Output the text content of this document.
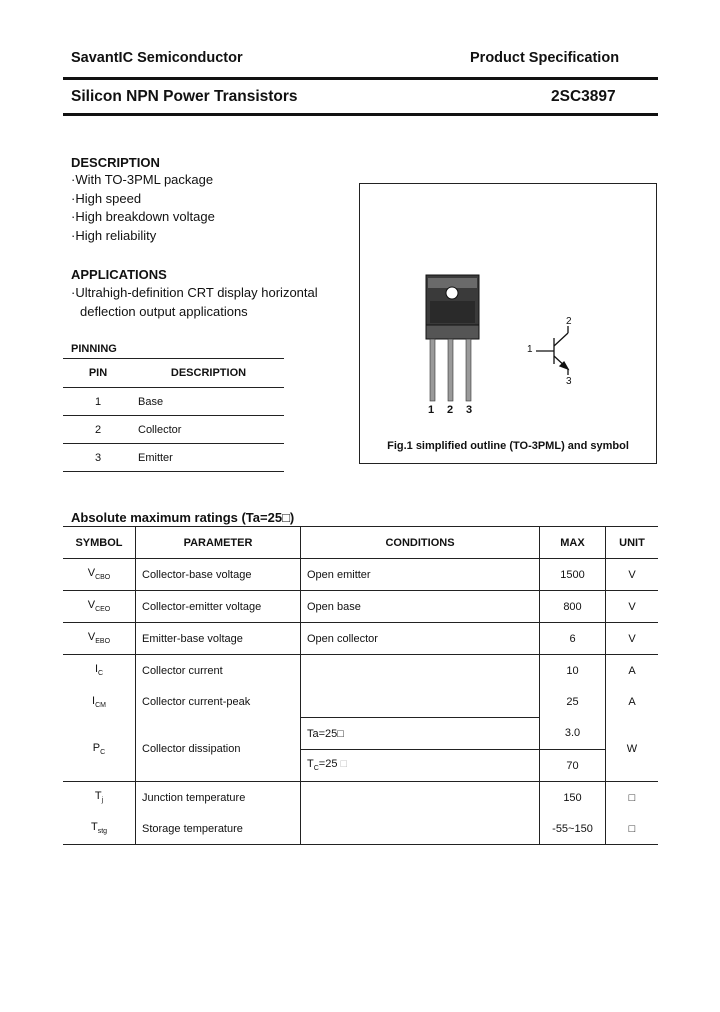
SavantIC Semiconductor	Product Specification
Silicon NPN Power Transistors	2SC3897
DESCRIPTION
·With TO-3PML package
·High speed
·High breakdown voltage
·High reliability
APPLICATIONS
·Ultrahigh-definition CRT display horizontal
deflection output applications
PINNING
PIN	DESCRIPTION
1	Base
2	Collector
3	Emitter
1 2 3
1
2
3
Fig.1 simplified outline (TO-3PML) and symbol
Absolute maximum ratings (Ta=25□)
SYMBOL	PARAMETER	CONDITIONS	MAX	UNIT
$V_{CBO}$	Collector-base voltage	Open emitter	1500	V
$V_{CEO}$	Collector-emitter voltage	Open base	800	V
$V_{EBO}$	Emitter-base voltage	Open collector	6	V
$I_C$	Collector current		10	A
$I_{CM}$	Collector current-peak		25	A
$P_C$	Collector dissipation	Ta=25□	3.0	W
		$T_C=25$ □	70	
$T_j$	Junction temperature		150	□
$T_{stg}$	Storage temperature		-55~150	□
